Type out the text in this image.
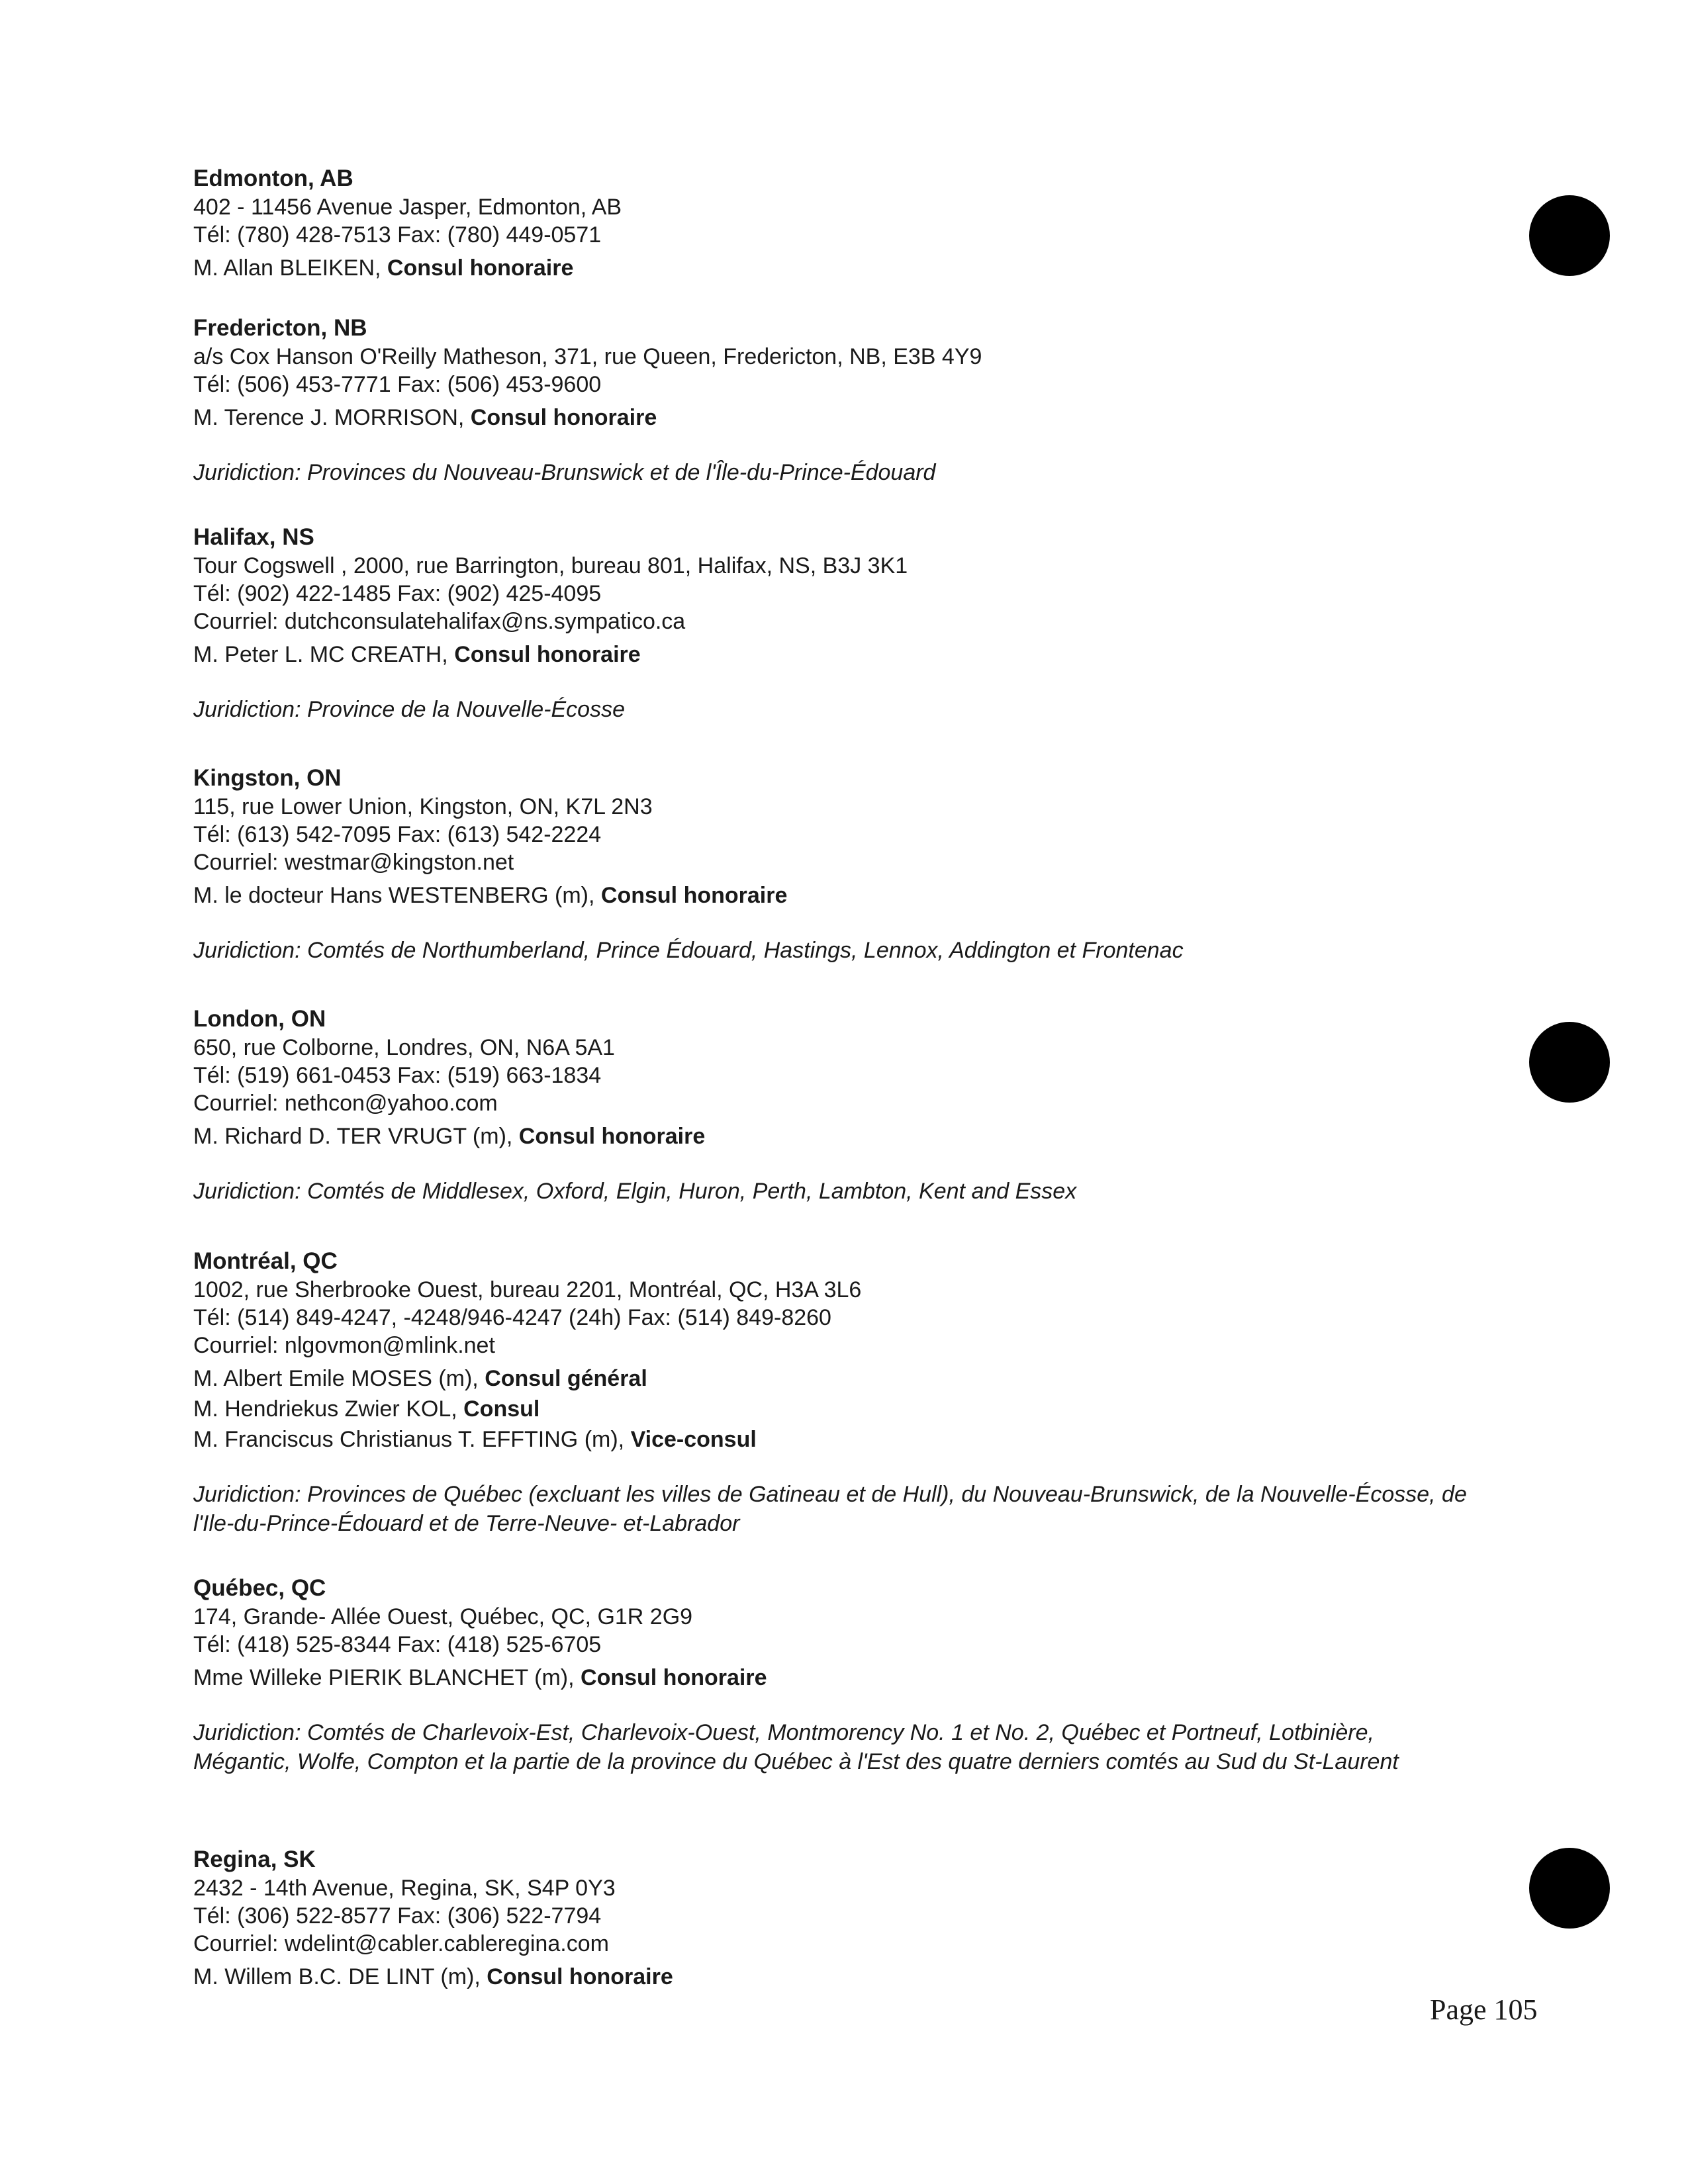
Edmonton, AB
402 - 11456 Avenue Jasper, Edmonton, AB
Tél: (780) 428-7513 Fax: (780) 449-0571
M. Allan BLEIKEN, Consul honoraire
Fredericton, NB
a/s Cox Hanson O'Reilly Matheson, 371, rue Queen, Fredericton, NB, E3B 4Y9
Tél: (506) 453-7771 Fax: (506) 453-9600
M. Terence J. MORRISON, Consul honoraire
Juridiction: Provinces du Nouveau-Brunswick et de l'Île-du-Prince-Édouard
Halifax, NS
Tour Cogswell , 2000, rue Barrington, bureau 801, Halifax, NS, B3J 3K1
Tél: (902) 422-1485 Fax: (902) 425-4095
Courriel: dutchconsulatehalifax@ns.sympatico.ca
M. Peter L. MC CREATH, Consul honoraire
Juridiction: Province de la Nouvelle-Écosse
Kingston, ON
115, rue Lower Union, Kingston, ON, K7L 2N3
Tél: (613) 542-7095 Fax: (613) 542-2224
Courriel: westmar@kingston.net
M. le docteur Hans WESTENBERG (m), Consul honoraire
Juridiction: Comtés de Northumberland, Prince Édouard, Hastings, Lennox, Addington et Frontenac
London, ON
650, rue Colborne, Londres, ON, N6A 5A1
Tél: (519) 661-0453 Fax: (519) 663-1834
Courriel: nethcon@yahoo.com
M. Richard D. TER VRUGT (m), Consul honoraire
Juridiction: Comtés de Middlesex, Oxford, Elgin, Huron, Perth, Lambton, Kent and Essex
Montréal, QC
1002, rue Sherbrooke Ouest, bureau 2201, Montréal, QC, H3A 3L6
Tél: (514) 849-4247, -4248/946-4247 (24h) Fax: (514) 849-8260
Courriel: nlgovmon@mlink.net
M. Albert Emile MOSES (m), Consul général
M. Hendriekus Zwier KOL, Consul
M. Franciscus Christianus T. EFFTING (m), Vice-consul
Juridiction: Provinces de Québec (excluant les villes de Gatineau et de Hull), du Nouveau-Brunswick, de la Nouvelle-Écosse, de l'Ile-du-Prince-Édouard et de Terre-Neuve- et-Labrador
Québec, QC
174, Grande- Allée Ouest, Québec, QC, G1R 2G9
Tél: (418) 525-8344 Fax: (418) 525-6705
Mme Willeke PIERIK BLANCHET (m), Consul honoraire
Juridiction: Comtés de Charlevoix-Est, Charlevoix-Ouest, Montmorency No. 1 et No. 2, Québec et Portneuf, Lotbinière, Mégantic, Wolfe, Compton et la partie de la province du Québec à l'Est des quatre derniers comtés au Sud du St-Laurent
Regina, SK
2432 - 14th Avenue, Regina, SK, S4P 0Y3
Tél: (306) 522-8577 Fax: (306) 522-7794
Courriel: wdelint@cabler.cableregina.com
M. Willem B.C. DE LINT (m), Consul honoraire
Page 105
